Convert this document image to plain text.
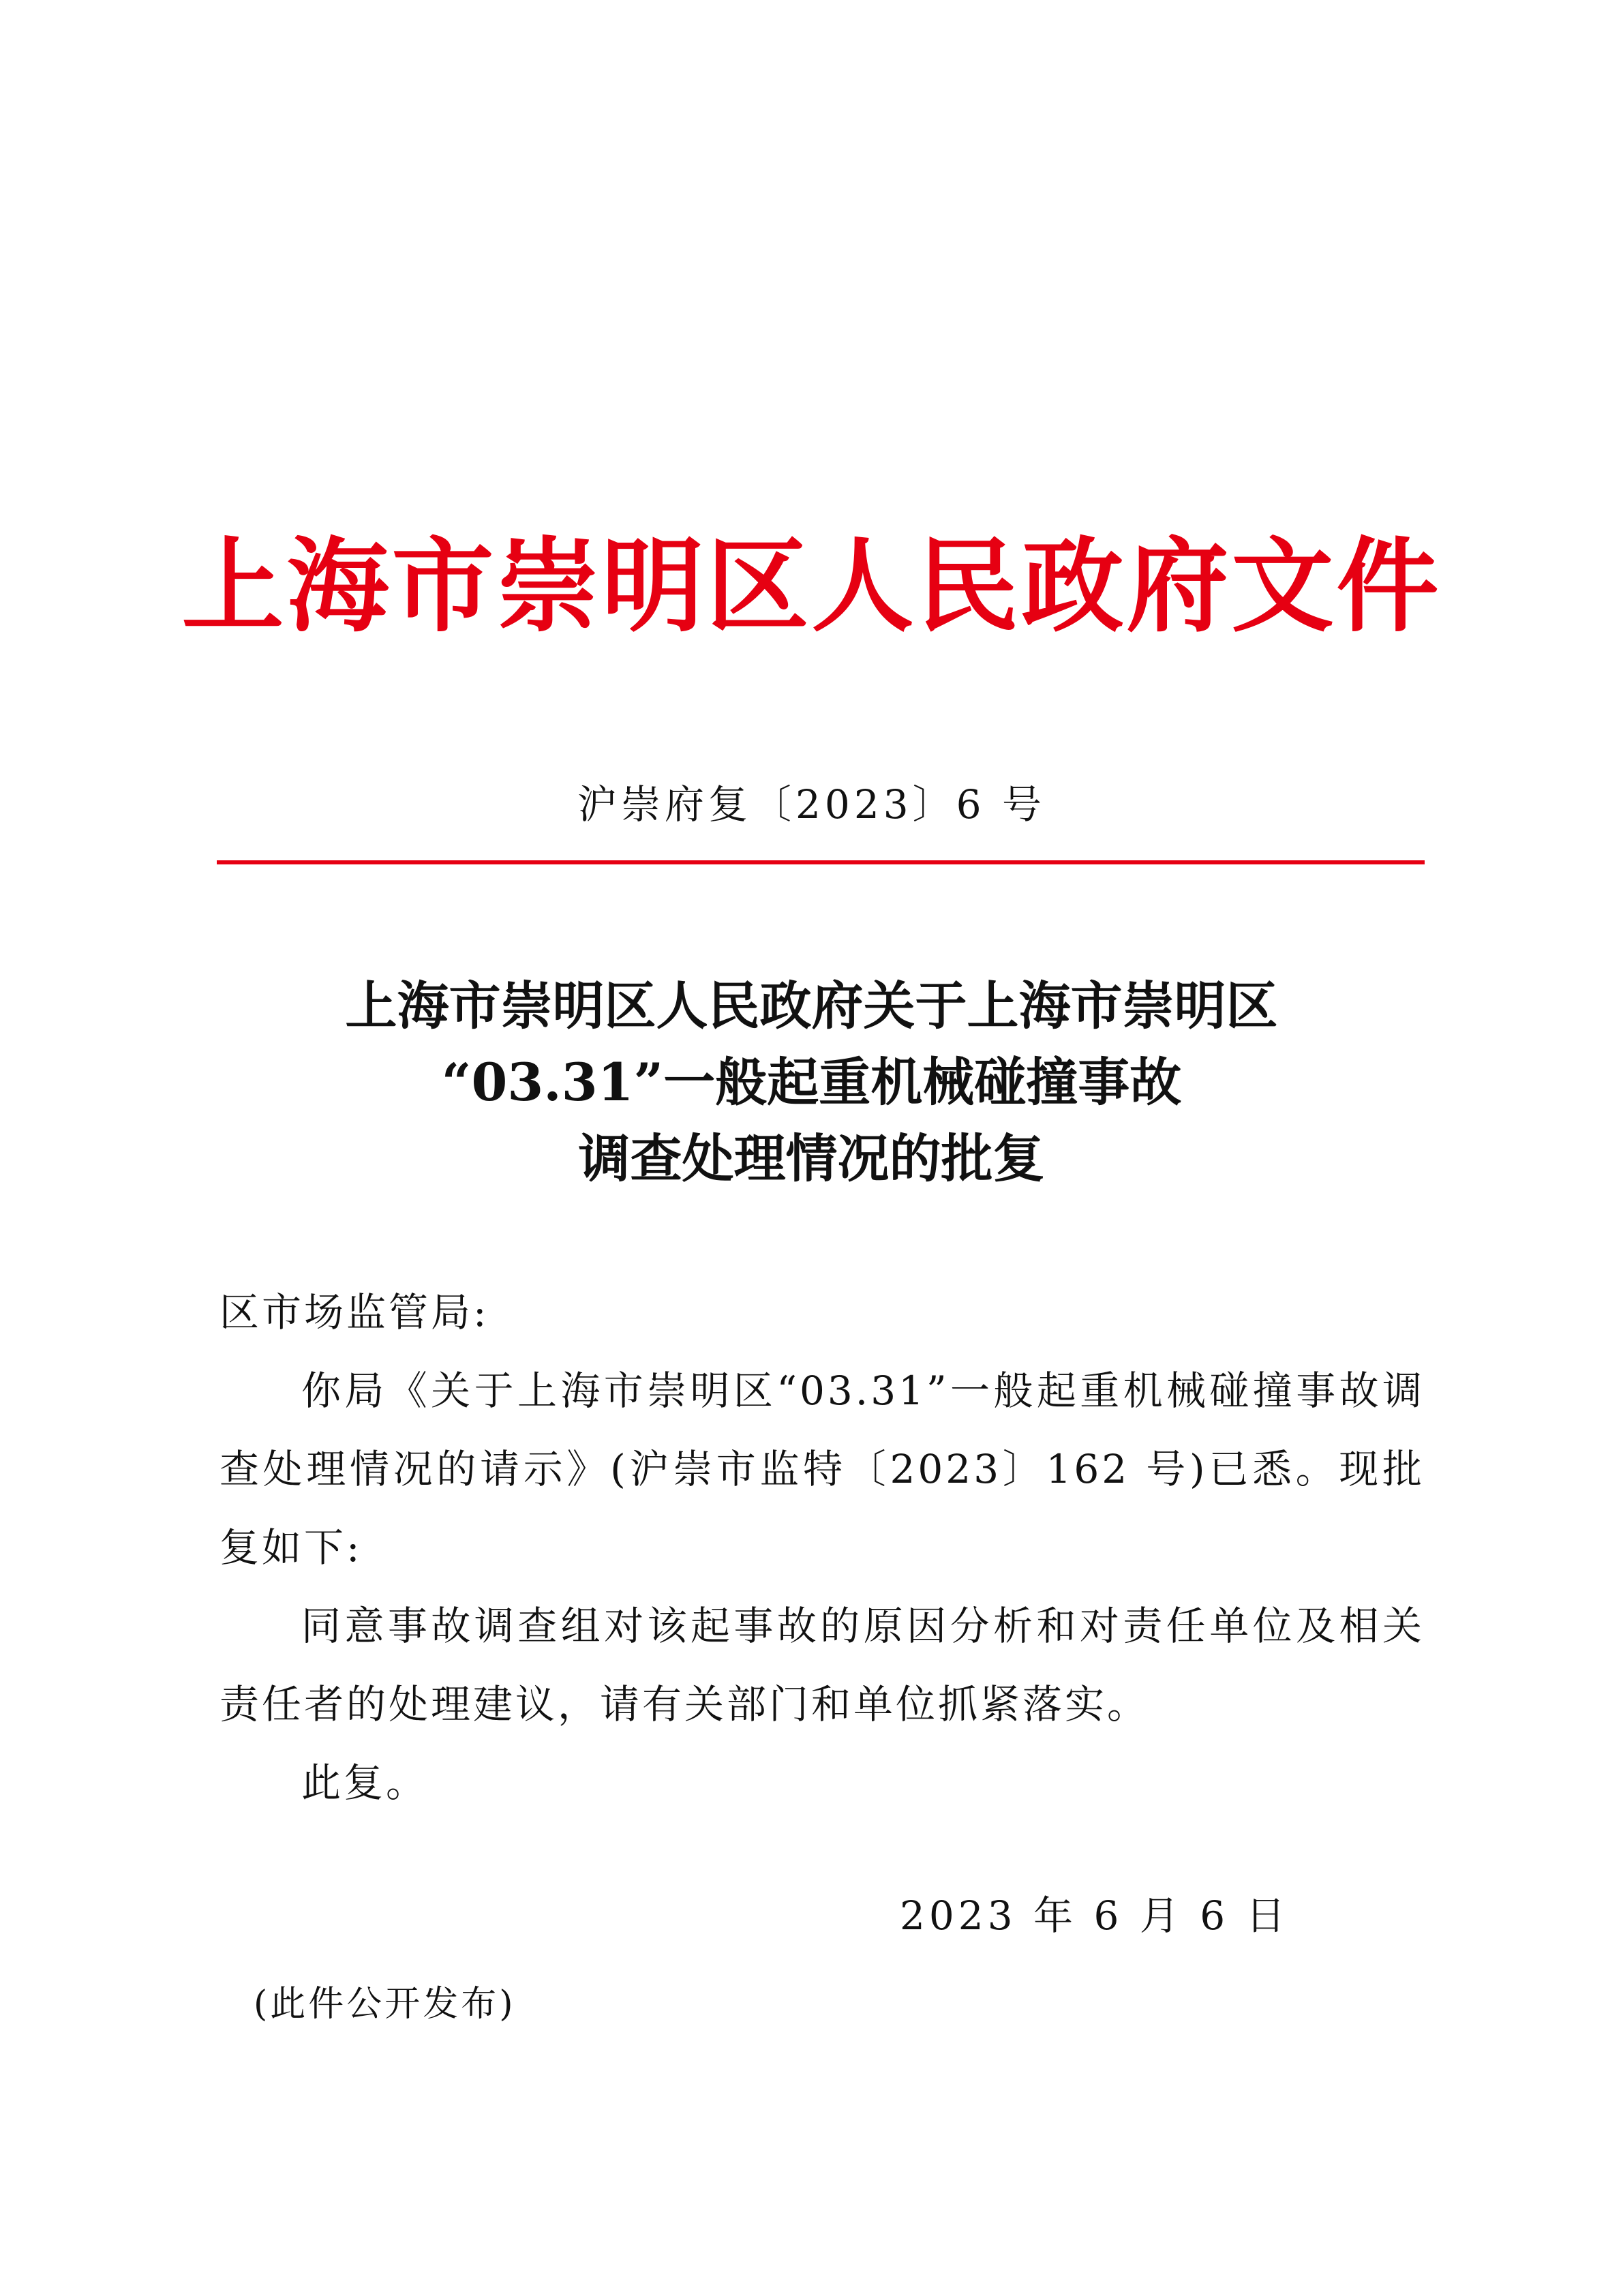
上海市崇明区人民政府文件
沪崇府复〔2023〕6 号
上海市崇明区人民政府关于上海市崇明区
“03.31”一般起重机械碰撞事故
调查处理情况的批复

区市场监管局:

你局《关于上海市崇明区“03.31”一般起重机械碰撞事故调查处理情况的请示》(沪崇市监特〔2023〕162 号)已悉。现批复如下:

同意事故调查组对该起事故的原因分析和对责任单位及相关责任者的处理建议，请有关部门和单位抓紧落实。

此复。

2023 年 6 月 6 日
(此件公开发布)
